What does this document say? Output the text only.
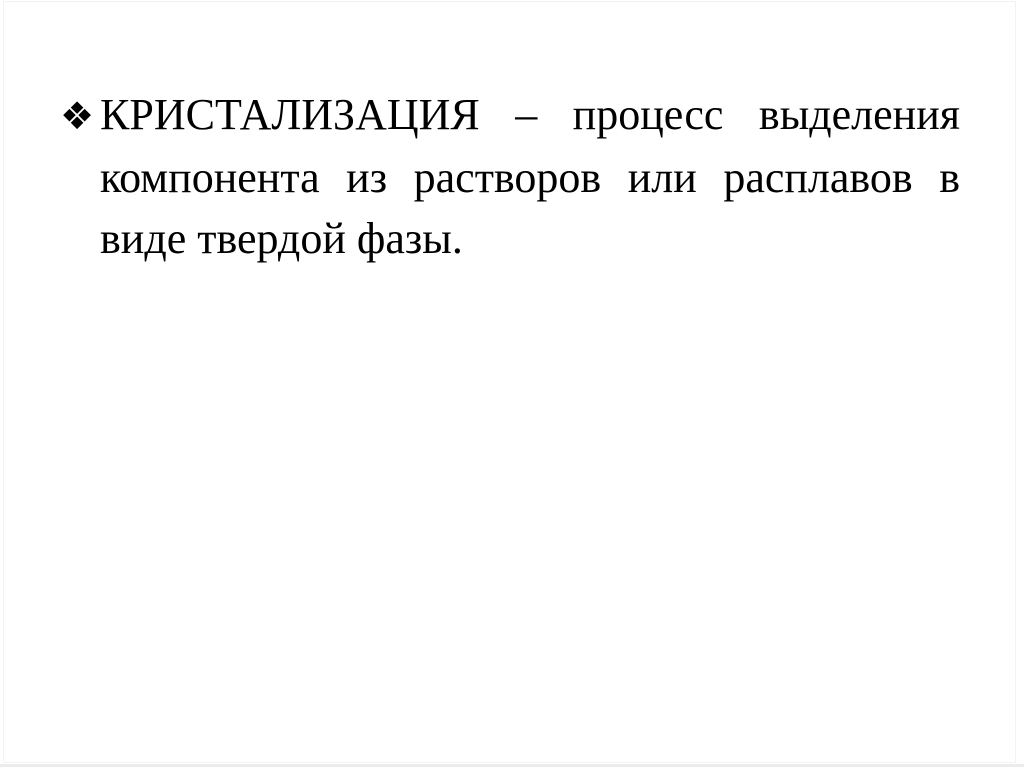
❖ КРИСТАЛИЗАЦИЯ – процесс выделения
компонента из растворов или расплавов в
виде твердой фазы.
